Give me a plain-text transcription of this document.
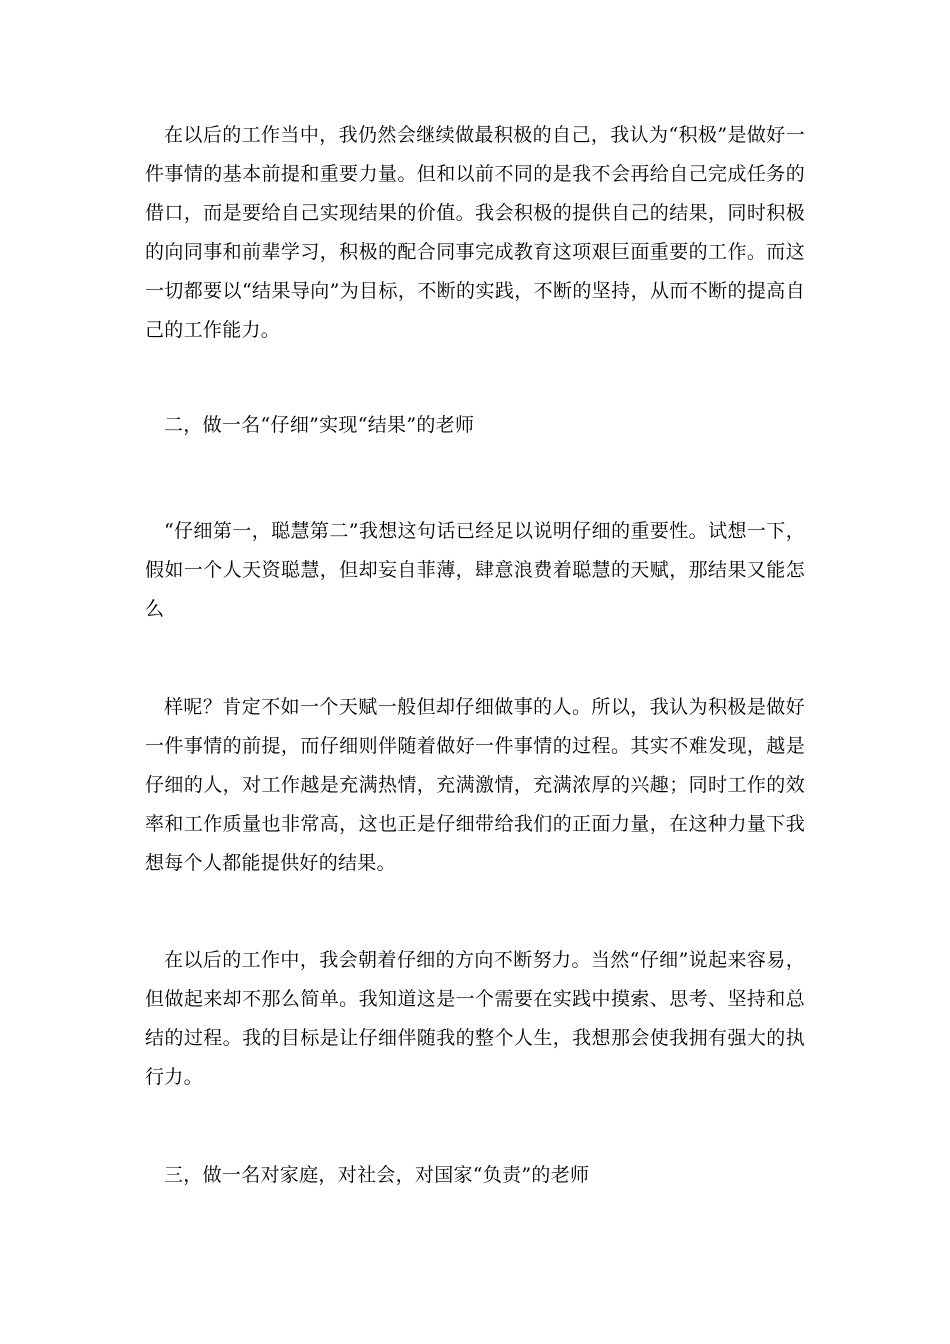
在以后的工作当中，我仍然会继续做最积极的自己，我认为“积极”是做好一件事情的基本前提和重要力量。但和以前不同的是我不会再给自己完成任务的借口，而是要给自己实现结果的价值。我会积极的提供自己的结果，同时积极的向同事和前辈学习，积极的配合同事完成教育这项艰巨面重要的工作。而这一切都要以“结果导向”为目标，不断的实践，不断的坚持，从而不断的提高自己的工作能力。

二，做一名“仔细”实现“结果”的老师

“仔细第一，聪慧第二”我想这句话已经足以说明仔细的重要性。试想一下，假如一个人天资聪慧，但却妄自菲薄，肆意浪费着聪慧的天赋，那结果又能怎么

样呢？肯定不如一个天赋一般但却仔细做事的人。所以，我认为积极是做好一件事情的前提，而仔细则伴随着做好一件事情的过程。其实不难发现，越是仔细的人，对工作越是充满热情，充满激情，充满浓厚的兴趣；同时工作的效率和工作质量也非常高，这也正是仔细带给我们的正面力量，在这种力量下我想每个人都能提供好的结果。

在以后的工作中，我会朝着仔细的方向不断努力。当然“仔细”说起来容易，但做起来却不那么简单。我知道这是一个需要在实践中摸索、思考、坚持和总结的过程。我的目标是让仔细伴随我的整个人生，我想那会使我拥有强大的执行力。

三，做一名对家庭，对社会，对国家“负责”的老师
